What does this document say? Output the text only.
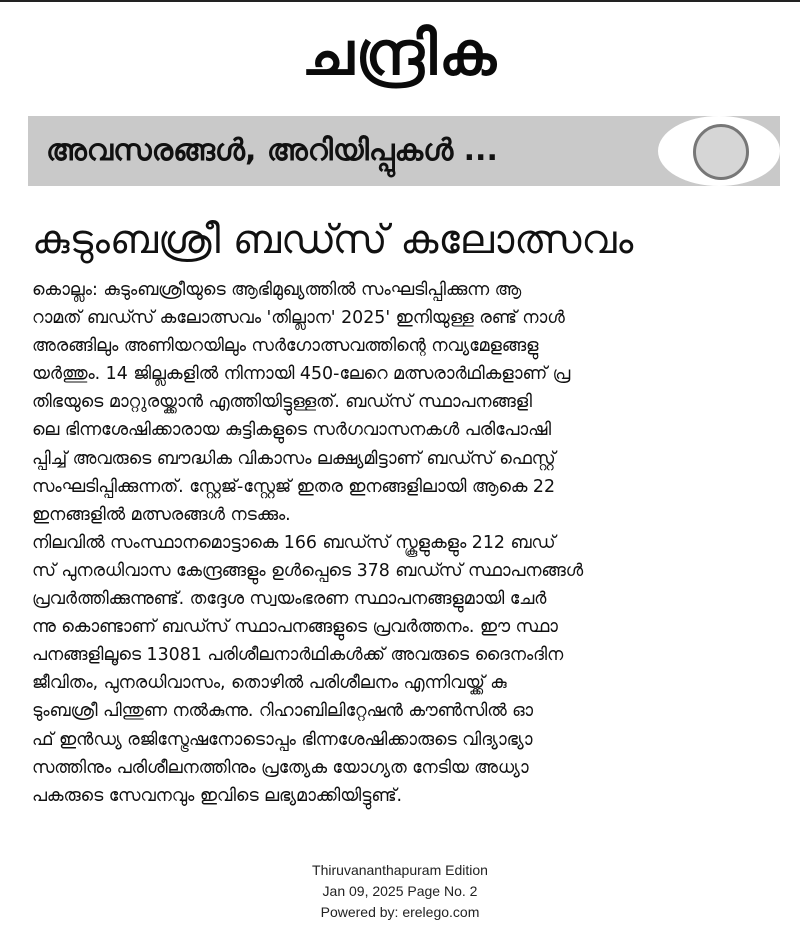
ചന്ദ്രിക
അവസരങ്ങൾ, അറിയിപ്പുകൾ ...
കുടുംബശ്രീ ബഡ്സ് കലോത്സവം
കൊല്ലം: കുടുംബശ്രീയുടെ ആഭിമുഖ്യത്തിൽ സംഘടിപ്പിക്കുന്ന ആ
റാമത് ബഡ്സ് കലോത്സവം 'തില്ലാന' 2025' ഇനിയുള്ള രണ്ട് നാൾ
അരങ്ങിലും അണിയറയിലും സർഗോത്സവത്തിന്റെ നവ്യമേളങ്ങളു
യർത്തും. 14 ജില്ലകളിൽ നിന്നായി 450-ലേറെ മത്സരാർഥികളാണ് പ്ര
തിഭയുടെ മാറ്റുരയ്ക്കാൻ എത്തിയിട്ടുള്ളത്. ബഡ്സ് സ്ഥാപനങ്ങളി
ലെ ഭിന്നശേഷിക്കാരായ കുട്ടികളുടെ സർഗവാസനകൾ പരിപോഷി
പ്പിച്ച് അവരുടെ ബൗദ്ധിക വികാസം ലക്ഷ്യമിട്ടാണ് ബഡ്സ് ഫെസ്റ്റ്
സംഘടിപ്പിക്കുന്നത്. സ്റ്റേജ്-സ്റ്റേജ് ഇതര ഇനങ്ങളിലായി ആകെ 22
ഇനങ്ങളിൽ മത്സരങ്ങൾ നടക്കും.
നിലവിൽ സംസ്ഥാനമൊട്ടാകെ 166 ബഡ്സ് സ്കൂളുകളും 212 ബഡ്
സ് പുനരധിവാസ കേന്ദ്രങ്ങളും ഉൾപ്പെടെ 378 ബഡ്സ് സ്ഥാപനങ്ങൾ
പ്രവർത്തിക്കുന്നുണ്ട്. തദ്ദേശ സ്വയംഭരണ സ്ഥാപനങ്ങളുമായി ചേർ
ന്നു കൊണ്ടാണ് ബഡ്സ് സ്ഥാപനങ്ങളുടെ പ്രവർത്തനം. ഈ സ്ഥാ
പനങ്ങളിലൂടെ 13081 പരിശീലനാർഥികൾക്ക് അവരുടെ ദൈനംദിന
ജീവിതം, പുനരധിവാസം, തൊഴിൽ പരിശീലനം എന്നിവയ്ക്ക് കു
ടുംബശ്രീ പിന്തുണ നൽകുന്നു. റിഹാബിലിറ്റേഷൻ കൗൺസിൽ ഓ
ഫ് ഇൻഡ്യ രജിസ്ട്രേഷനോടൊപ്പം ഭിന്നശേഷിക്കാരുടെ വിദ്യാഭ്യാ
സത്തിനും പരിശീലനത്തിനും പ്രത്യേക യോഗ്യത നേടിയ അധ്യാ
പകരുടെ സേവനവും ഇവിടെ ലഭ്യമാക്കിയിട്ടുണ്ട്.
Thiruvananthapuram Edition
Jan 09, 2025 Page No. 2
Powered by: erelego.com
